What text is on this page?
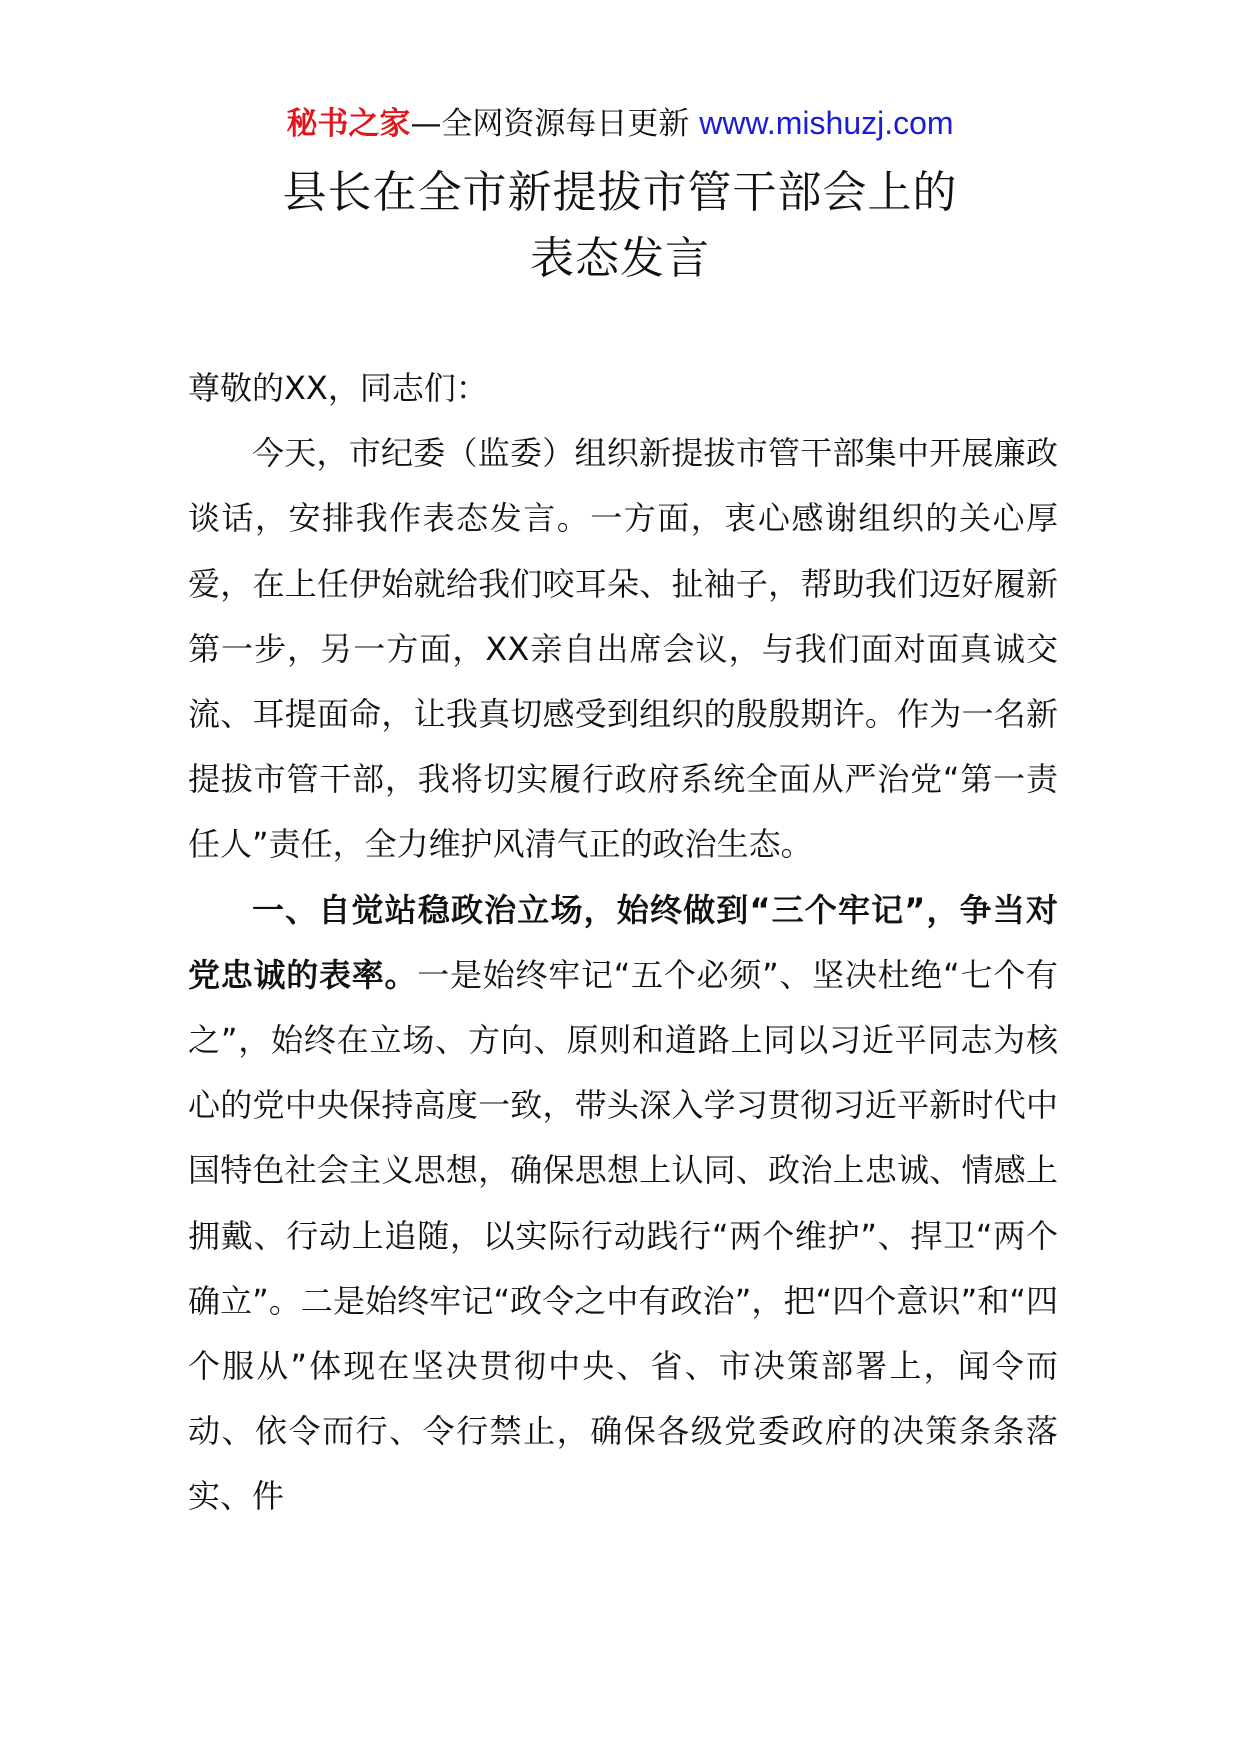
秘书之家—全网资源每日更新 www.mishuzj.com
县长在全市新提拔市管干部会上的
表态发言

尊敬的XX，同志们：

今天，市纪委（监委）组织新提拔市管干部集中开展廉政谈话，安排我作表态发言。一方面，衷心感谢组织的关心厚爱，在上任伊始就给我们咬耳朵、扯袖子，帮助我们迈好履新第一步，另一方面，XX亲自出席会议，与我们面对面真诚交流、耳提面命，让我真切感受到组织的殷殷期许。作为一名新提拔市管干部，我将切实履行政府系统全面从严治党“第一责任人”责任，全力维护风清气正的政治生态。

一、自觉站稳政治立场，始终做到“三个牢记”，争当对党忠诚的表率。一是始终牢记“五个必须”、坚决杜绝“七个有之”，始终在立场、方向、原则和道路上同以习近平同志为核心的党中央保持高度一致，带头深入学习贯彻习近平新时代中国特色社会主义思想，确保思想上认同、政治上忠诚、情感上拥戴、行动上追随，以实际行动践行“两个维护”、捍卫“两个确立”。二是始终牢记“政令之中有政治”，把“四个意识”和“四个服从”体现在坚决贯彻中央、省、市决策部署上，闻令而动、依令而行、令行禁止，确保各级党委政府的决策条条落实、件
